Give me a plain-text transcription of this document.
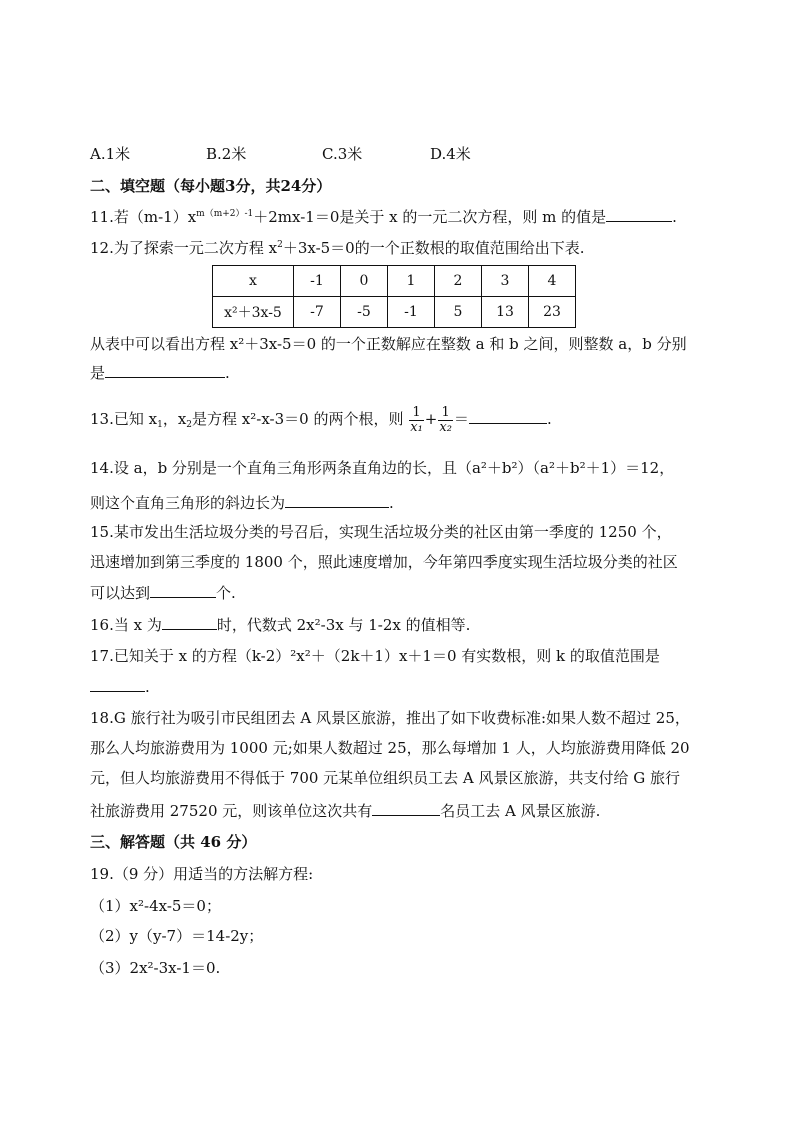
A.1米	B.2米	C.3米	D.4米
二、填空题（每小题3分，共24分）
11.若$(m-1)x^{m(m+2)-1}+2mx-1=0$是关于 x 的一元二次方程，则 m 的值是	.
12.为了探索一元二次方程 $x^2+3x-5=0$的一个正数根的取值范围给出下表.
x	-1	0	1	2	3	4
x²＋3x-5	-7	-5	-1	5	13	23
从表中可以看出方程 x²＋3x-5＝0 的一个正数解应在整数 a 和 b 之间，则整数 a，b 分别
是	.
13.已知 $x_1$，$x_2$是方程 x²-x-3＝0 的两个根，则 $\frac{1}{\text{x₁}} + \frac{1}{\text{x₂}}$ ＝	.
14.设 a，b 分别是一个直角三角形两条直角边的长，且（a²＋b²）（a²＋b²＋1）＝12，
则这个直角三角形的斜边长为	.
15.某市发出生活垃圾分类的号召后，实现生活垃圾分类的社区由第一季度的 1250 个，
迅速增加到第三季度的 1800 个，照此速度增加，今年第四季度实现生活垃圾分类的社区
可以达到	个.
16.当 x 为	时，代数式 2x²-3x 与 1-2x 的值相等.
17.已知关于 x 的方程（k-2）²x²＋（2k＋1）x＋1＝0 有实数根，则 k 的取值范围是
.
18.G 旅行社为吸引市民组团去 A 风景区旅游，推出了如下收费标准:如果人数不超过 25，
那么人均旅游费用为 1000 元;如果人数超过 25，那么每增加 1 人，人均旅游费用降低 20
元，但人均旅游费用不得低于 700 元某单位组织员工去 A 风景区旅游，共支付给 G 旅行
社旅游费用 27520 元，则该单位这次共有	名员工去 A 风景区旅游.
三、解答题（共 46 分）
19.（9 分）用适当的方法解方程:
（1）x²-4x-5＝0；
（2）y（y-7）＝14-2y；
（3）2x²-3x-1＝0.
